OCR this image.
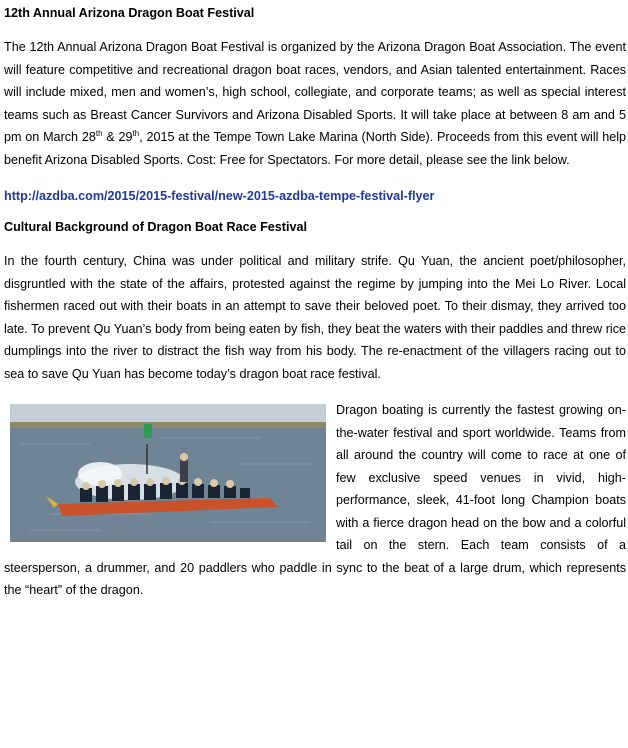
12th Annual Arizona Dragon Boat Festival

The 12th Annual Arizona Dragon Boat Festival is organized by the Arizona Dragon Boat Association. The event will feature competitive and recreational dragon boat races, vendors, and Asian talented entertainment. Races will include mixed, men and women’s, high school, collegiate, and corporate teams; as well as special interest teams such as Breast Cancer Survivors and Arizona Disabled Sports. It will take place at between 8 am and 5 pm on March 28th & 29th, 2015 at the Tempe Town Lake Marina (North Side). Proceeds from this event will help benefit Arizona Disabled Sports. Cost: Free for Spectators. For more detail, please see the link below.

http://azdba.com/2015/2015-festival/new-2015-azdba-tempe-festival-flyer
Cultural Background of Dragon Boat Race Festival

In the fourth century, China was under political and military strife. Qu Yuan, the ancient poet/philosopher, disgruntled with the state of the affairs, protested against the regime by jumping into the Mei Lo River. Local fishermen raced out with their boats in an attempt to save their beloved poet. To their dismay, they arrived too late. To prevent Qu Yuan’s body from being eaten by fish, they beat the waters with their paddles and threw rice dumplings into the river to distract the fish way from his body. The re-enactment of the villagers racing out to sea to save Qu Yuan has become today’s dragon boat race festival.

Dragon boating is currently the fastest growing on-the-water festival and sport worldwide. Teams from all around the country will come to race at one of few exclusive speed venues in vivid, high-performance, sleek, 41-foot long Champion boats with a fierce dragon head on the bow and a colorful tail on the stern. Each team consists of a steersperson, a drummer, and 20 paddlers who paddle in sync to the beat of a large drum, which represents the “heart” of the dragon.
